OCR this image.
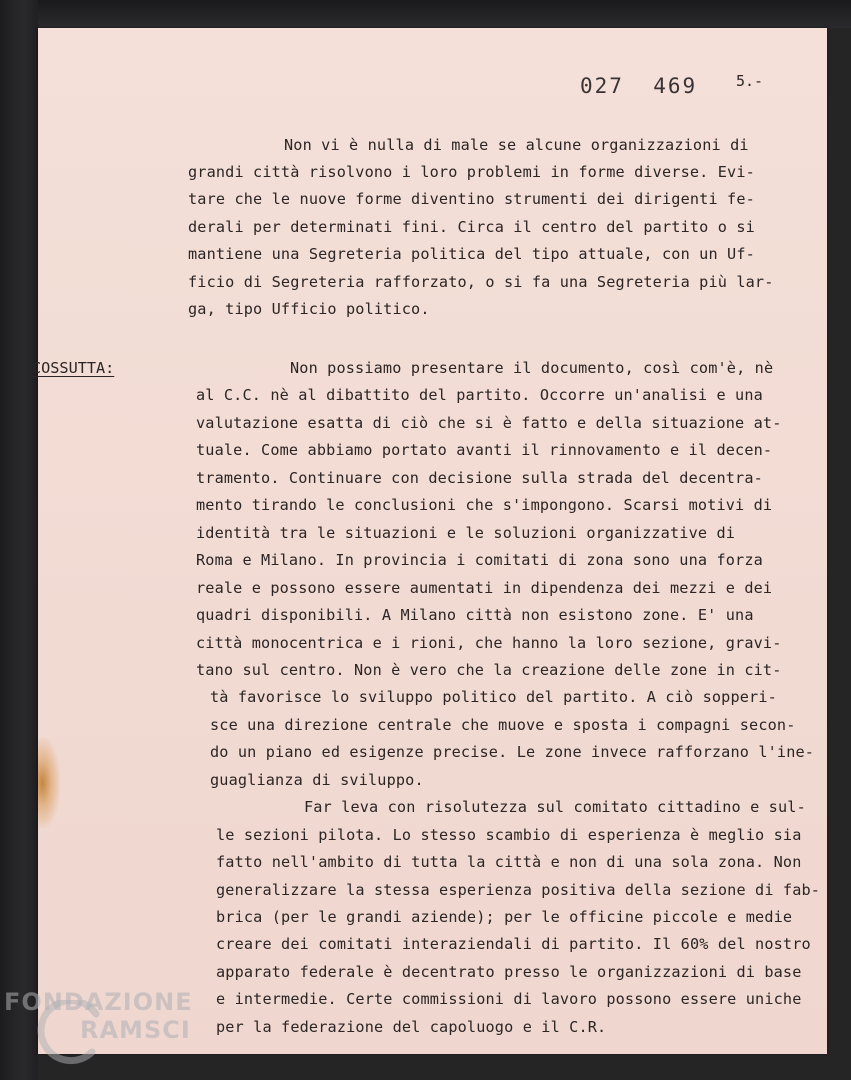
027  469	5.-
Non vi è nulla di male se alcune organizzazioni di
grandi città risolvono i loro problemi in forme diverse. Evi-
tare che le nuove forme diventino strumenti dei dirigenti fe-
derali per determinati fini. Circa il centro del partito o si
mantiene una Segreteria politica del tipo attuale, con un Uf-
ficio di Segreteria rafforzato, o si fa una Segreteria più lar-
ga, tipo Ufficio politico.
COSSUTTA:	Non possiamo presentare il documento, così com'è, nè
al C.C. nè al dibattito del partito. Occorre un'analisi e una
valutazione esatta di ciò che si è fatto e della situazione at-
tuale. Come abbiamo portato avanti il rinnovamento e il decen-
tramento. Continuare con decisione sulla strada del decentra-
mento tirando le conclusioni che s'impongono. Scarsi motivi di
identità tra le situazioni e le soluzioni organizzative di
Roma e Milano. In provincia i comitati di zona sono una forza
reale e possono essere aumentati in dipendenza dei mezzi e dei
quadri disponibili. A Milano città non esistono zone. E' una
città monocentrica e i rioni, che hanno la loro sezione, gravi-
tano sul centro. Non è vero che la creazione delle zone in cit-
tà favorisce lo sviluppo politico del partito. A ciò sopperi-
sce una direzione centrale che muove e sposta i compagni secon-
do un piano ed esigenze precise. Le zone invece rafforzano l'ine-
guaglianza di sviluppo.
Far leva con risolutezza sul comitato cittadino e sul-
le sezioni pilota. Lo stesso scambio di esperienza è meglio sia
fatto nell'ambito di tutta la città e non di una sola zona. Non
generalizzare la stessa esperienza positiva della sezione di fab-
brica (per le grandi aziende); per le officine piccole e medie
creare dei comitati interaziendali di partito. Il 60% del nostro
apparato federale è decentrato presso le organizzazioni di base
e intermedie. Certe commissioni di lavoro possono essere uniche
per la federazione del capoluogo e il C.R.
FONDAZIONE
RAMSCI
